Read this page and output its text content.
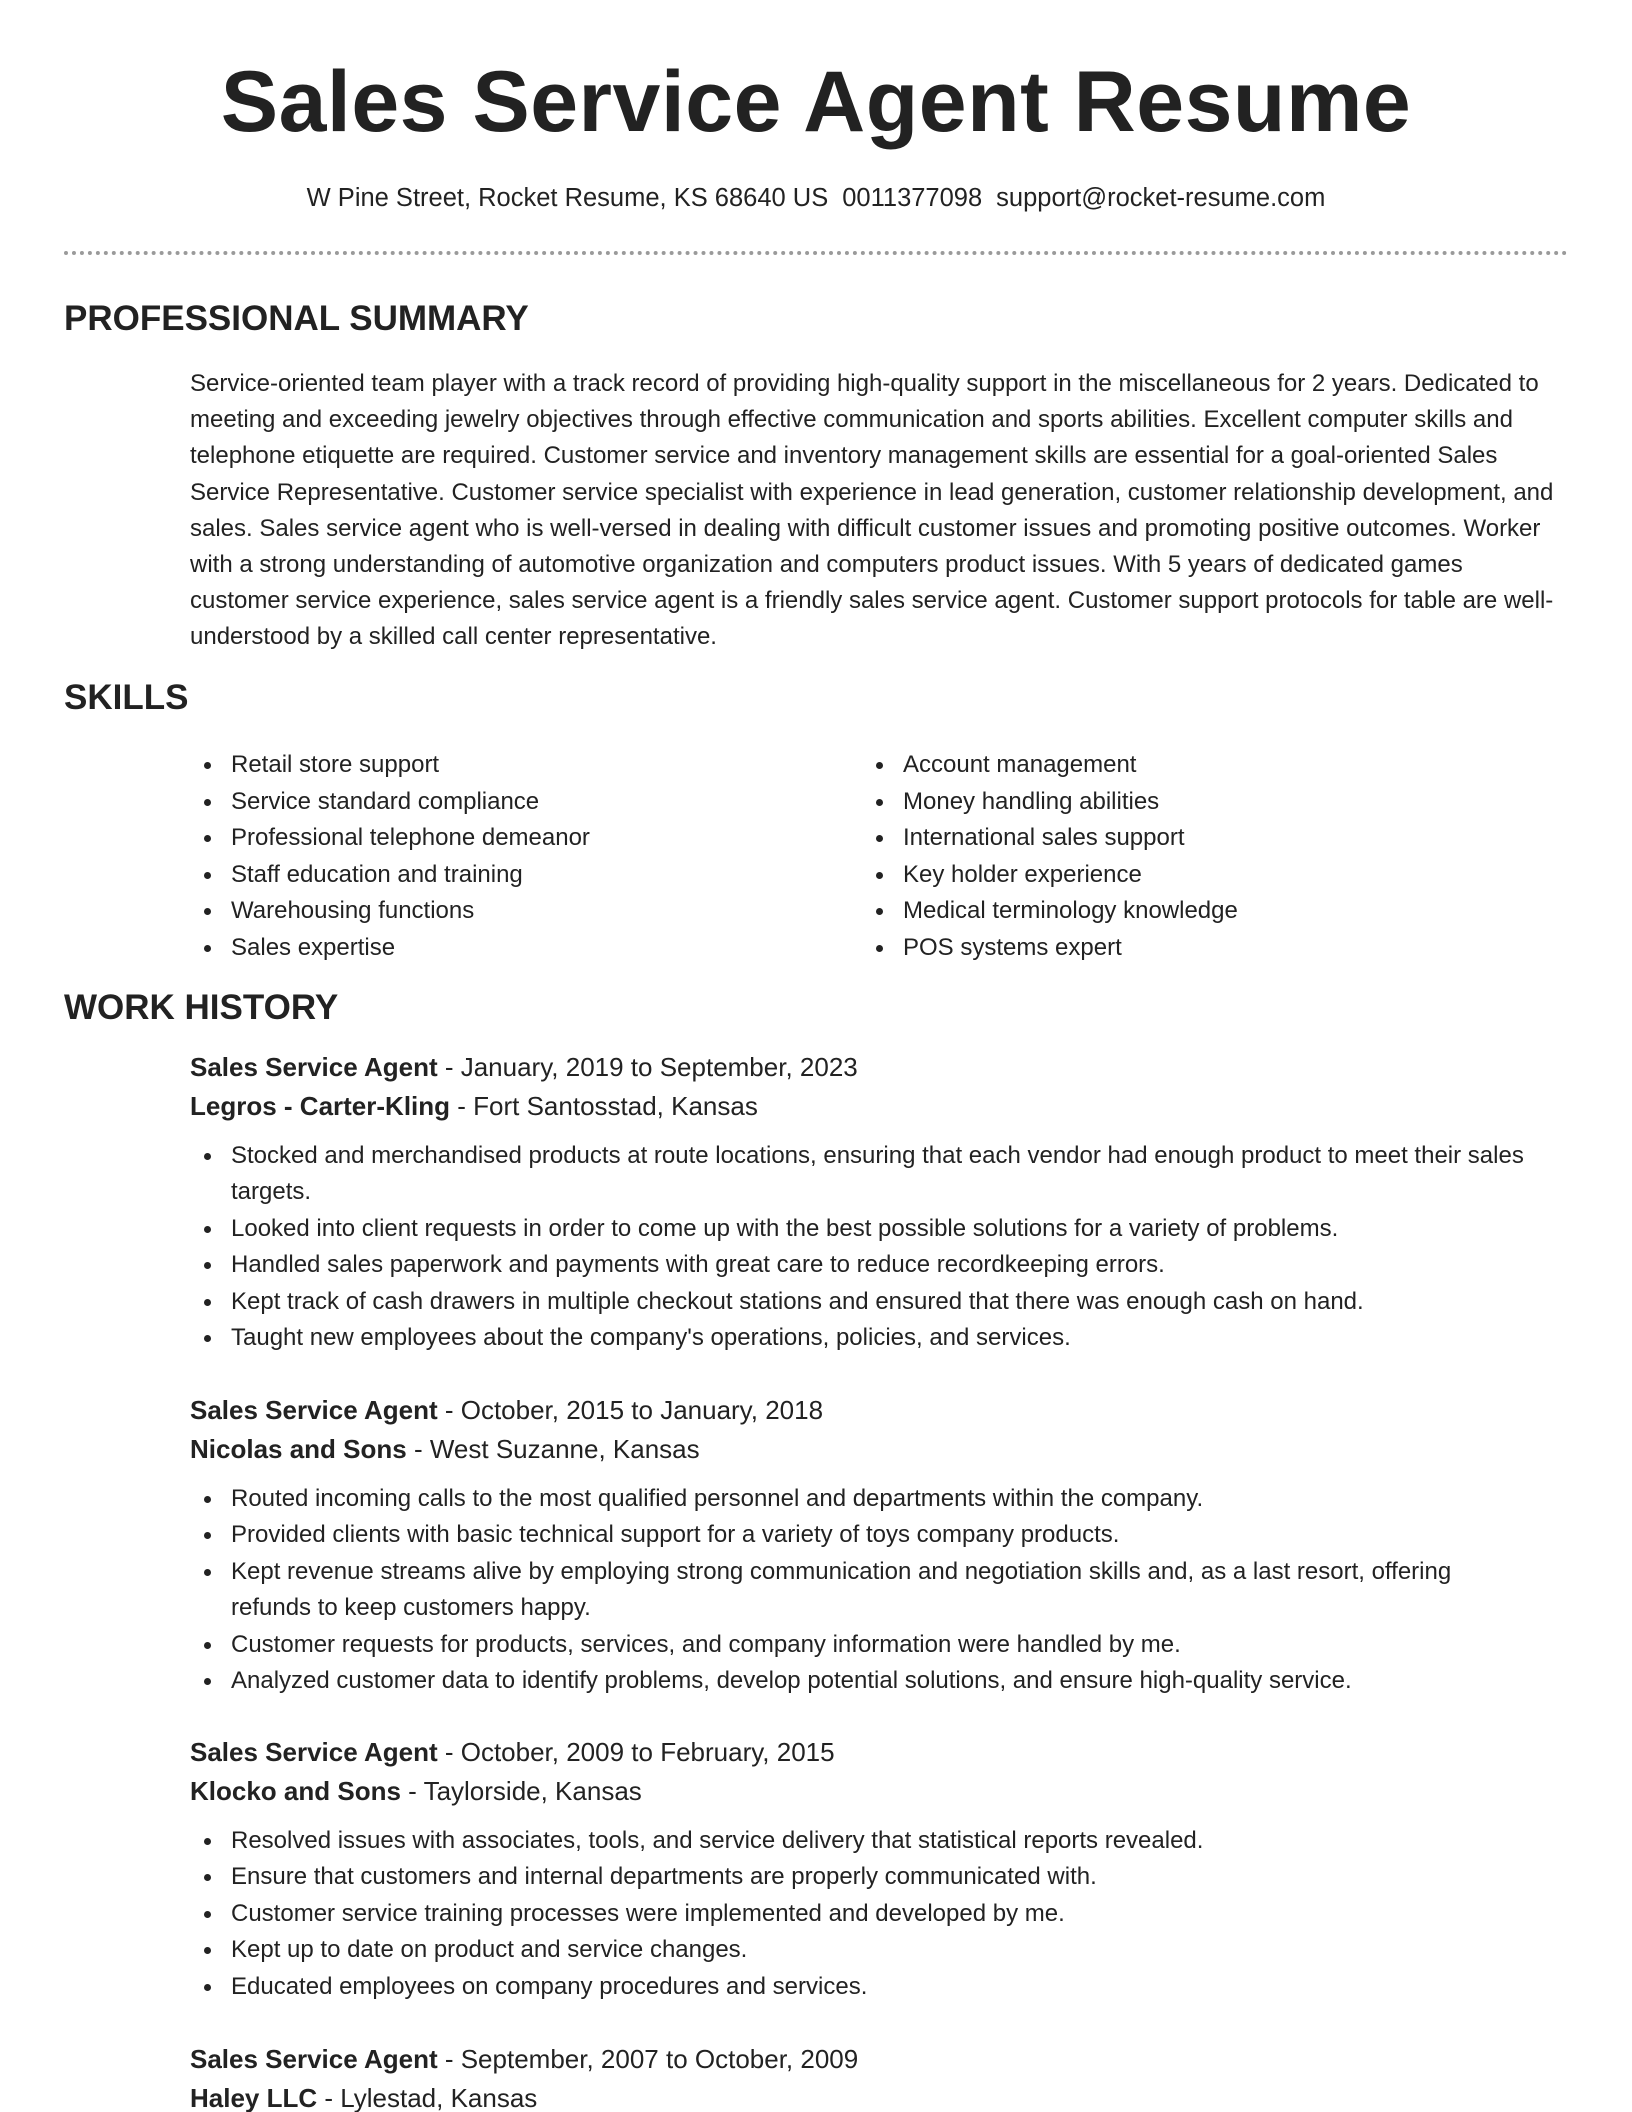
Sales Service Agent Resume
W Pine Street, Rocket Resume, KS 68640 US 0011377098 support@rocket-resume.com
PROFESSIONAL SUMMARY

Service-oriented team player with a track record of providing high-quality support in the miscellaneous for 2 years. Dedicated to meeting and exceeding jewelry objectives through effective communication and sports abilities. Excellent computer skills and telephone etiquette are required. Customer service and inventory management skills are essential for a goal-oriented Sales Service Representative. Customer service specialist with experience in lead generation, customer relationship development, and sales. Sales service agent who is well-versed in dealing with difficult customer issues and promoting positive outcomes. Worker with a strong understanding of automotive organization and computers product issues. With 5 years of dedicated games customer service experience, sales service agent is a friendly sales service agent. Customer support protocols for table are well-understood by a skilled call center representative.

SKILLS
Retail store support
Service standard compliance
Professional telephone demeanor
Staff education and training
Warehousing functions
Sales expertise
Account management
Money handling abilities
International sales support
Key holder experience
Medical terminology knowledge
POS systems expert
WORK HISTORY
Sales Service Agent - January, 2019 to September, 2023
Legros - Carter-Kling - Fort Santosstad, Kansas
Stocked and merchandised products at route locations, ensuring that each vendor had enough product to meet their sales targets.
Looked into client requests in order to come up with the best possible solutions for a variety of problems.
Handled sales paperwork and payments with great care to reduce recordkeeping errors.
Kept track of cash drawers in multiple checkout stations and ensured that there was enough cash on hand.
Taught new employees about the company's operations, policies, and services.
Sales Service Agent - October, 2015 to January, 2018
Nicolas and Sons - West Suzanne, Kansas
Routed incoming calls to the most qualified personnel and departments within the company.
Provided clients with basic technical support for a variety of toys company products.
Kept revenue streams alive by employing strong communication and negotiation skills and, as a last resort, offering refunds to keep customers happy.
Customer requests for products, services, and company information were handled by me.
Analyzed customer data to identify problems, develop potential solutions, and ensure high-quality service.
Sales Service Agent - October, 2009 to February, 2015
Klocko and Sons - Taylorside, Kansas
Resolved issues with associates, tools, and service delivery that statistical reports revealed.
Ensure that customers and internal departments are properly communicated with.
Customer service training processes were implemented and developed by me.
Kept up to date on product and service changes.
Educated employees on company procedures and services.
Sales Service Agent - September, 2007 to October, 2009
Haley LLC - Lylestad, Kansas
